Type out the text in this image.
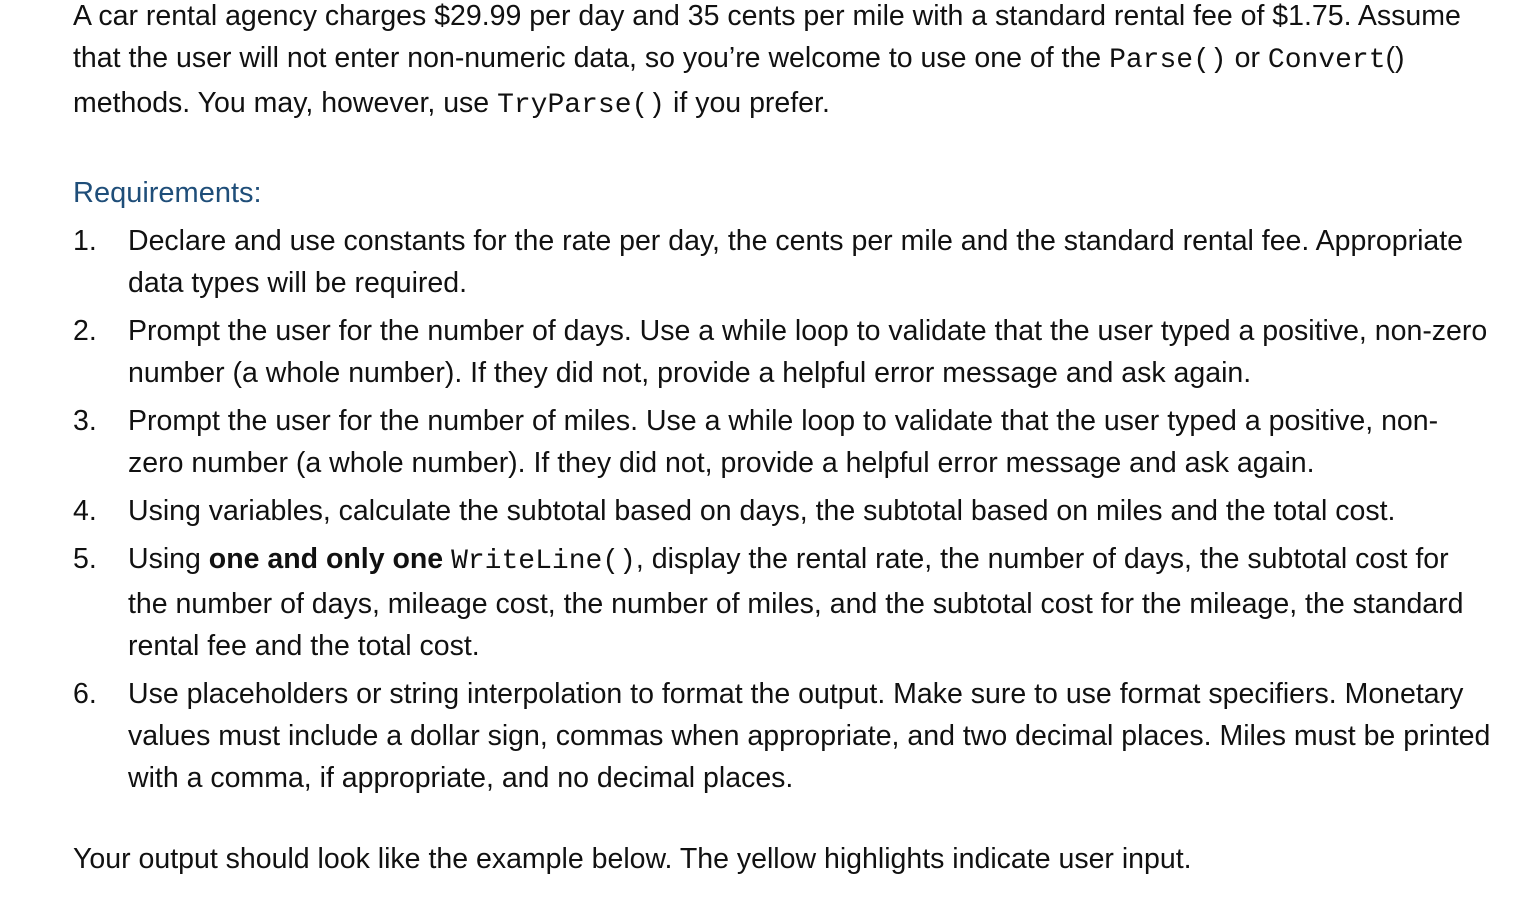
A car rental agency charges $29.99 per day and 35 cents per mile with a standard rental fee of $1.75. Assume that the user will not enter non-numeric data, so you’re welcome to use one of the Parse() or Convert() methods. You may, however, use TryParse() if you prefer.

Requirements:
1.	Declare and use constants for the rate per day, the cents per mile and the standard rental fee. Appropriate data types will be required.
2.	Prompt the user for the number of days. Use a while loop to validate that the user typed a positive, non-zero number (a whole number). If they did not, provide a helpful error message and ask again.
3.	Prompt the user for the number of miles. Use a while loop to validate that the user typed a positive, non-zero number (a whole number). If they did not, provide a helpful error message and ask again.
4.	Using variables, calculate the subtotal based on days, the subtotal based on miles and the total cost.
5.	Using one and only one WriteLine(), display the rental rate, the number of days, the subtotal cost for the number of days, mileage cost, the number of miles, and the subtotal cost for the mileage, the standard rental fee and the total cost.
6.	Use placeholders or string interpolation to format the output. Make sure to use format specifiers. Monetary values must include a dollar sign, commas when appropriate, and two decimal places. Miles must be printed with a comma, if appropriate, and no decimal places.

Your output should look like the example below. The yellow highlights indicate user input.
